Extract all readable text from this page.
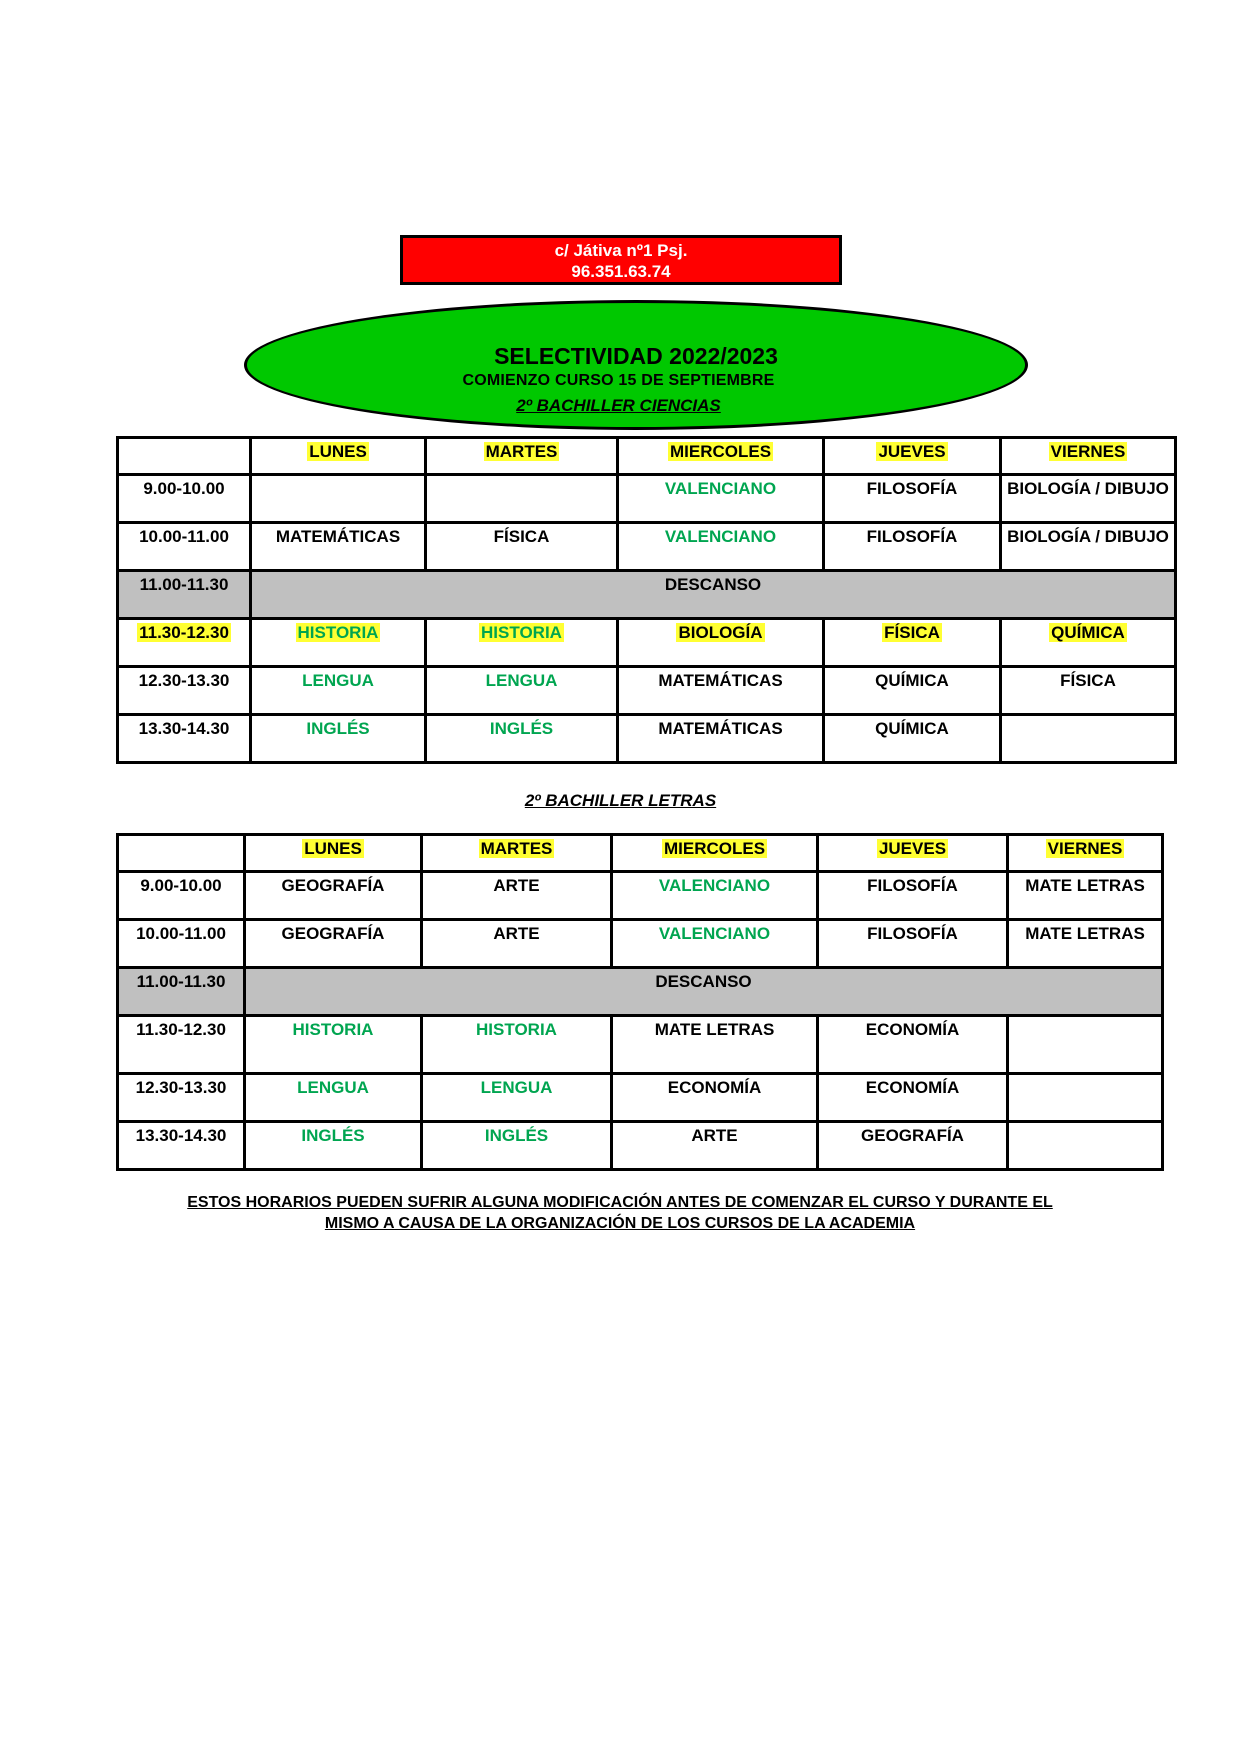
c/ Játiva nº1 Psj.
96.351.63.74
SELECTIVIDAD 2022/2023
COMIENZO CURSO 15 DE SEPTIEMBRE
2º BACHILLER CIENCIAS
	LUNES	MARTES	MIERCOLES	JUEVES	VIERNES
9.00-10.00			VALENCIANO	FILOSOFÍA	BIOLOGÍA / DIBUJO
10.00-11.00	MATEMÁTICAS	FÍSICA	VALENCIANO	FILOSOFÍA	BIOLOGÍA / DIBUJO
11.00-11.30	DESCANSO				
11.30-12.30	HISTORIA	HISTORIA	BIOLOGÍA	FÍSICA	QUÍMICA
12.30-13.30	LENGUA	LENGUA	MATEMÁTICAS	QUÍMICA	FÍSICA
13.30-14.30	INGLÉS	INGLÉS	MATEMÁTICAS	QUÍMICA	
2º BACHILLER LETRAS
	LUNES	MARTES	MIERCOLES	JUEVES	VIERNES
9.00-10.00	GEOGRAFÍA	ARTE	VALENCIANO	FILOSOFÍA	MATE LETRAS
10.00-11.00	GEOGRAFÍA	ARTE	VALENCIANO	FILOSOFÍA	MATE LETRAS
11.00-11.30	DESCANSO				
11.30-12.30	HISTORIA	HISTORIA	MATE LETRAS	ECONOMÍA	
12.30-13.30	LENGUA	LENGUA	ECONOMÍA	ECONOMÍA	
13.30-14.30	INGLÉS	INGLÉS	ARTE	GEOGRAFÍA	
ESTOS HORARIOS PUEDEN SUFRIR ALGUNA MODIFICACIÓN ANTES DE COMENZAR EL CURSO Y DURANTE EL
MISMO A CAUSA DE LA ORGANIZACIÓN DE LOS CURSOS DE LA ACADEMIA
